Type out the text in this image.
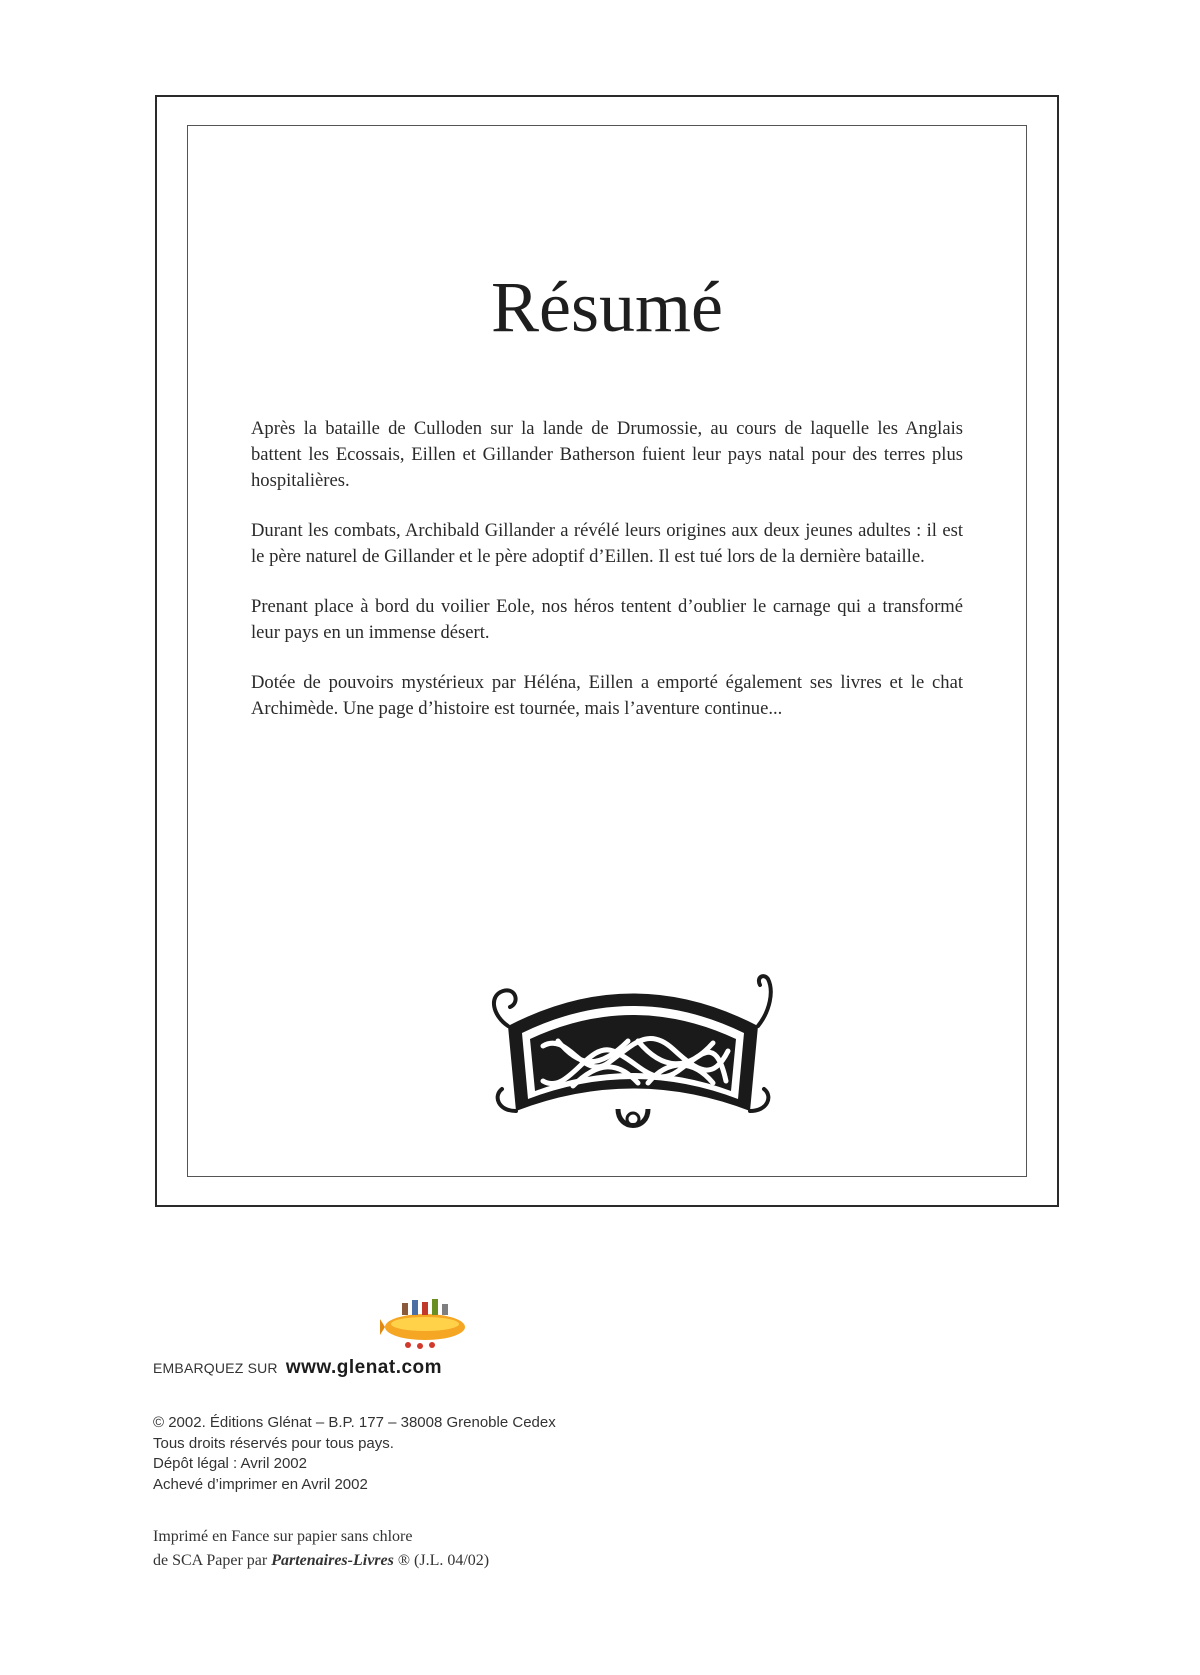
Résumé

Après la bataille de Culloden sur la lande de Drumossie, au cours de laquelle les Anglais battent les Ecossais, Eillen et Gillander Batherson fuient leur pays natal pour des terres plus hospitalières.

Durant les combats, Archibald Gillander a révélé leurs origines aux deux jeunes adultes : il est le père naturel de Gillander et le père adoptif d’Eillen. Il est tué lors de la dernière bataille.

Prenant place à bord du voilier Eole, nos héros tentent d’oublier le carnage qui a transformé leur pays en un immense désert.

Dotée de pouvoirs mystérieux par Héléna, Eillen a emporté également ses livres et le chat Archimède. Une page d’histoire est tournée, mais l’aventure continue...

EMBARQUEZ SUR www.glenat.com
© 2002. Éditions Glénat – B.P. 177 – 38008 Grenoble Cedex
Tous droits réservés pour tous pays.
Dépôt légal : Avril 2002
Achevé d’imprimer en Avril 2002
Imprimé en Fance sur papier sans chlore
de SCA Paper par Partenaires-Livres ® (J.L. 04/02)
